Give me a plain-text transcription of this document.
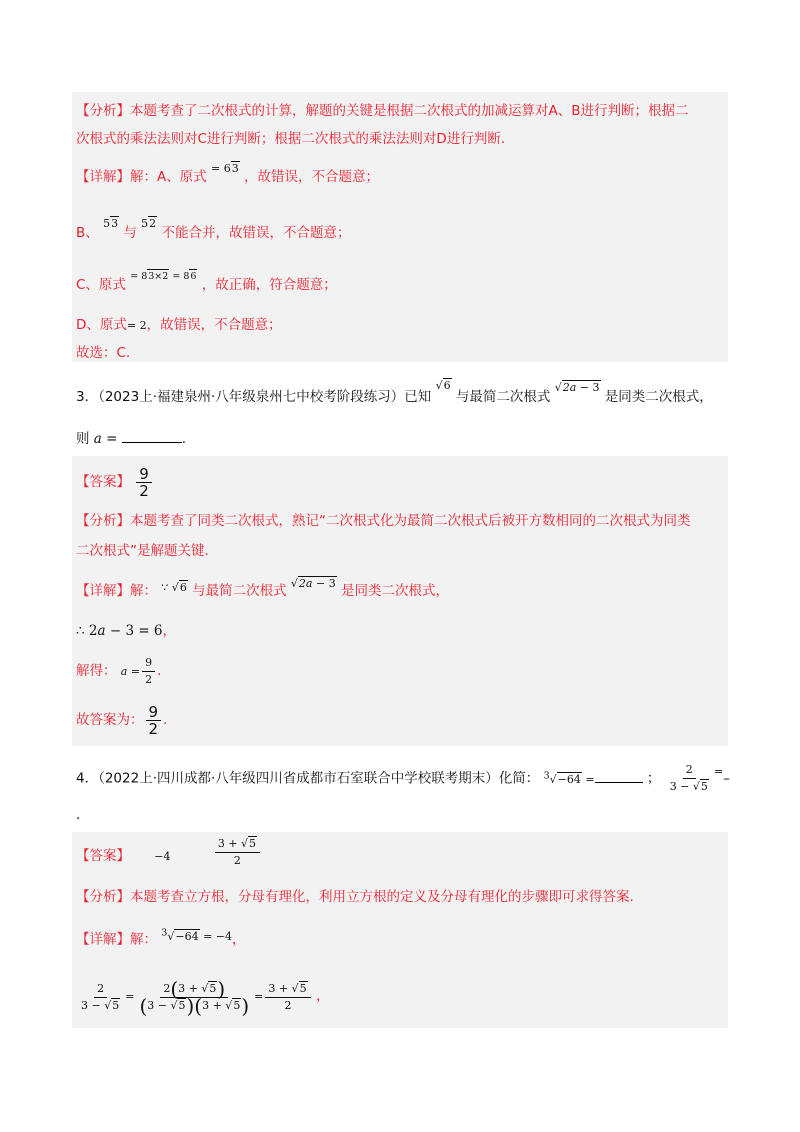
【分析】本题考查了二次根式的计算，解题的关键是根据二次根式的加减运算对A、B进行判断；根据二
次根式的乘法法则对C进行判断；根据二次根式的乘法法则对D进行判断.
【详解】解：A、原式 $^{= 63}$ ，故错误，不合题意；
B、 $^{53}$ 与 $^{52}$ 不能合并，故错误，不合题意；
C、原式 $^{= 83\times 2 = 86}$ ，故正确，符合题意；
D、原式= 2，故错误，不合题意；
故选：C.
3．（2023上·福建泉州·八年级泉州七中校考阶段练习）已知 $^{√6}$ 与最简二次根式 $^{√2a - 3}$ 是同类二次根式，
则 a =	.
【答案】 $\frac{9}{2}$
【分析】本题考查了同类二次根式，熟记“二次根式化为最简二次根式后被开方数相同的二次根式为同类
二次根式”是解题关键.
【详解】解： $^{\because √6}$ 与最简二次根式 $^{√2a - 3}$ 是同类二次根式，
∴ 2a − 3 = 6，
解得： $a = \frac{9}{2}$ .
故答案为： $\frac{9}{2}$ .
4．（2022上·四川成都·八年级四川省成都市石室联合中学校联考期末）化简： $^3$√−64 =	； $\frac{2}{3 - √5} ^=-$
.
【答案】 −4	$\frac{3 + √5}{2}$
【分析】本题考查立方根，分母有理化，利用立方根的定义及分母有理化的步骤即可求得答案.
【详解】解： $^{^3√-64 = -4}$，
$\frac{2}{3 - √5} = \frac{2(3 + √5)}{(3 - √5)(3 + √5)} = \frac{3 + √5}{2}$ ，
